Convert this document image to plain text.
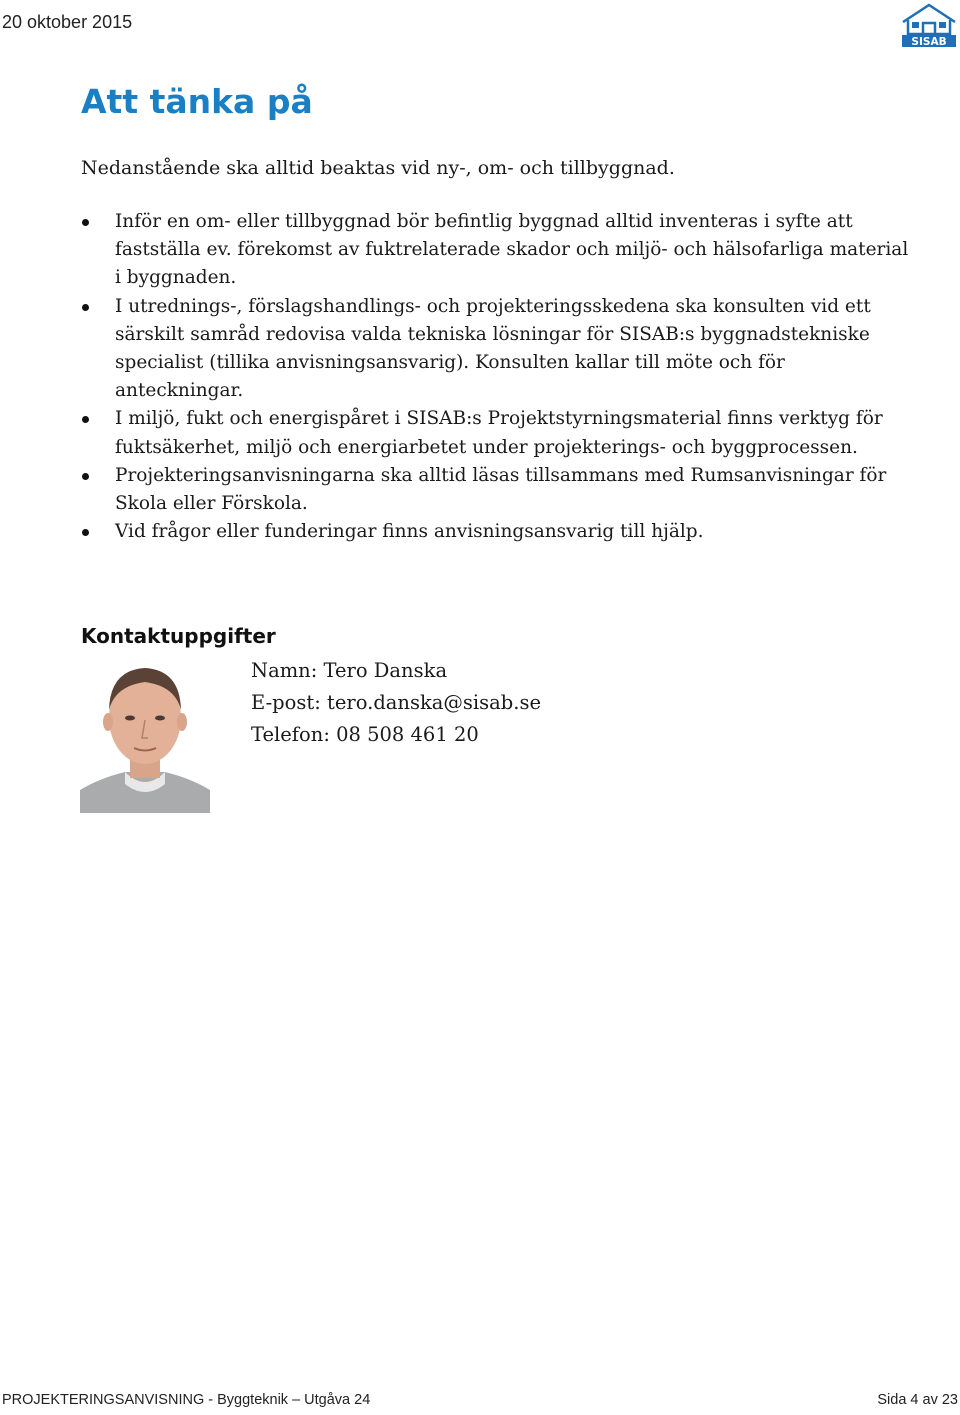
20 oktober 2015
SISAB
Att tänka på

Nedanstående ska alltid beaktas vid ny-, om- och tillbyggnad.

Inför en om- eller tillbyggnad bör befintlig byggnad alltid inventeras i syfte att fastställa ev. förekomst av fuktrelaterade skador och miljö- och hälsofarliga material i byggnaden.
I utrednings-, förslagshandlings- och projekteringsskedena ska konsulten vid ett särskilt samråd redovisa valda tekniska lösningar för SISAB:s byggnadstekniske specialist (tillika anvisningsansvarig). Konsulten kallar till möte och för anteckningar.
I miljö, fukt och energispåret i SISAB:s Projektstyrningsmaterial finns verktyg för fuktsäkerhet, miljö och energiarbetet under projekterings- och byggprocessen.
Projekteringsanvisningarna ska alltid läsas tillsammans med Rumsanvisningar för Skola eller Förskola.
Vid frågor eller funderingar finns anvisningsansvarig till hjälp.
Kontaktuppgifter
Namn: Tero Danska
E-post: tero.danska@sisab.se
Telefon: 08 508 461 20
PROJEKTERINGSANVISNING - Byggteknik – Utgåva 24	Sida 4 av 23
